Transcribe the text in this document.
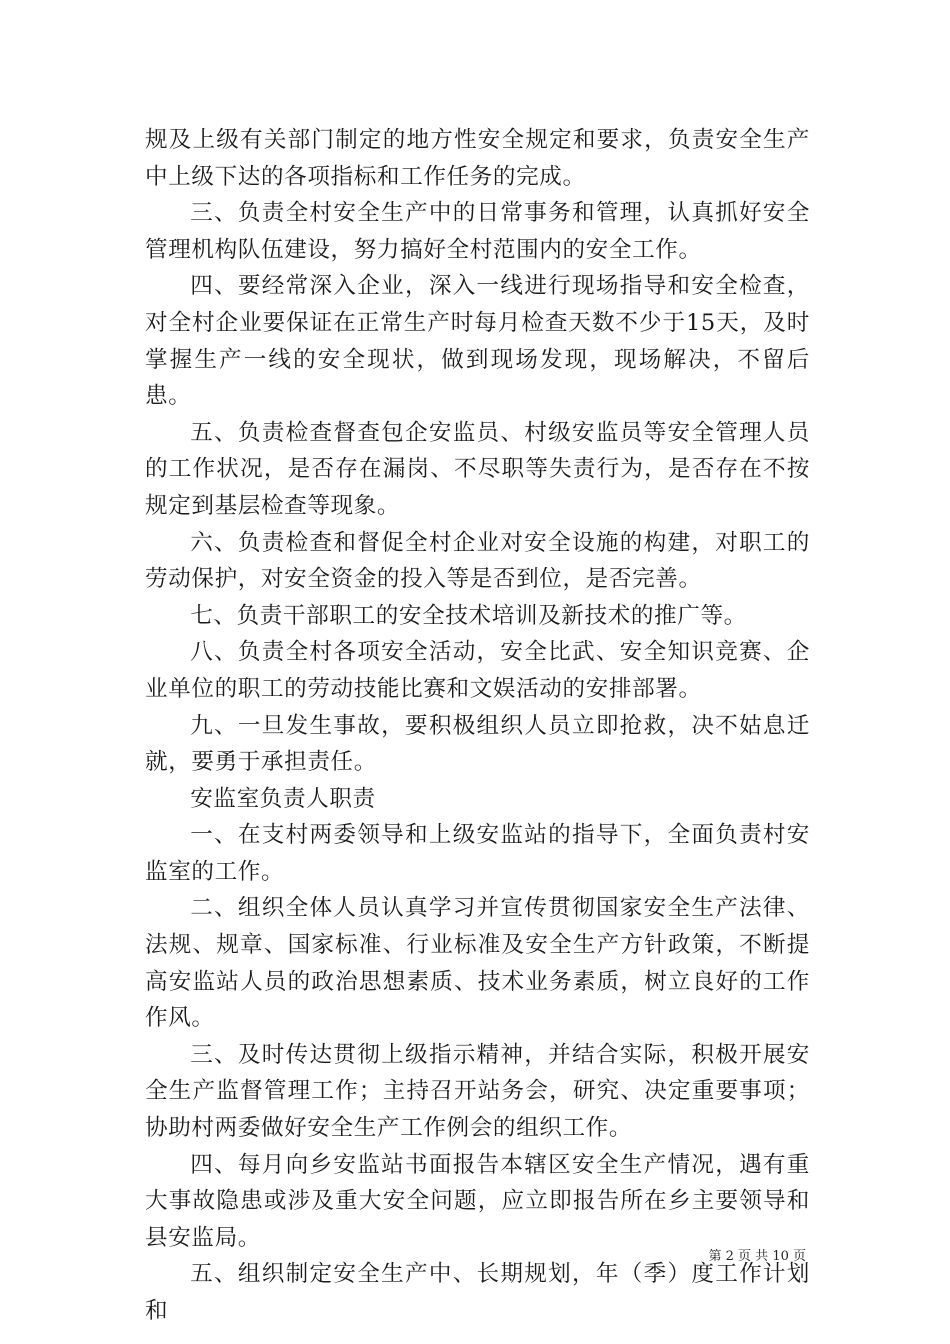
规及上级有关部门制定的地方性安全规定和要求，负责安全生产中上级下达的各项指标和工作任务的完成。

三、负责全村安全生产中的日常事务和管理，认真抓好安全管理机构队伍建设，努力搞好全村范围内的安全工作。

四、要经常深入企业，深入一线进行现场指导和安全检查，对全村企业要保证在正常生产时每月检查天数不少于15天，及时掌握生产一线的安全现状，做到现场发现，现场解决，不留后患。

五、负责检查督查包企安监员、村级安监员等安全管理人员的工作状况，是否存在漏岗、不尽职等失责行为，是否存在不按规定到基层检查等现象。

六、负责检查和督促全村企业对安全设施的构建，对职工的劳动保护，对安全资金的投入等是否到位，是否完善。

七、负责干部职工的安全技术培训及新技术的推广等。

八、负责全村各项安全活动，安全比武、安全知识竞赛、企业单位的职工的劳动技能比赛和文娱活动的安排部署。

九、一旦发生事故，要积极组织人员立即抢救，决不姑息迁就，要勇于承担责任。

安监室负责人职责

一、在支村两委领导和上级安监站的指导下，全面负责村安监室的工作。

二、组织全体人员认真学习并宣传贯彻国家安全生产法律、法规、规章、国家标准、行业标准及安全生产方针政策，不断提高安监站人员的政治思想素质、技术业务素质，树立良好的工作作风。

三、及时传达贯彻上级指示精神，并结合实际，积极开展安全生产监督管理工作；主持召开站务会，研究、决定重要事项；协助村两委做好安全生产工作例会的组织工作。

四、每月向乡安监站书面报告本辖区安全生产情况，遇有重大事故隐患或涉及重大安全问题，应立即报告所在乡主要领导和县安监局。

五、组织制定安全生产中、长期规划，年（季）度工作计划和

第 2 页 共 10 页
